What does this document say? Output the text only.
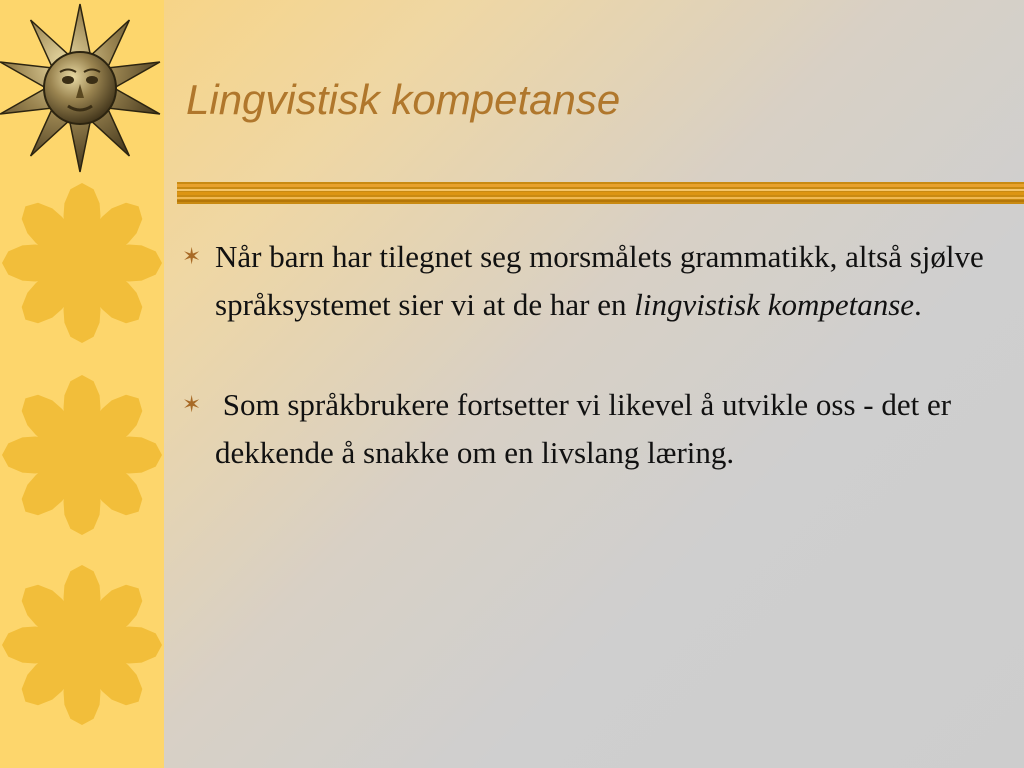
Lingvistisk kompetanse
✶ Når barn har tilegnet seg morsmålets grammatikk, altså sjølve språksystemet sier vi at de har en lingvistisk kompetanse.
✶ Som språkbrukere fortsetter vi likevel å utvikle oss - det er dekkende å snakke om en livslang læring.
